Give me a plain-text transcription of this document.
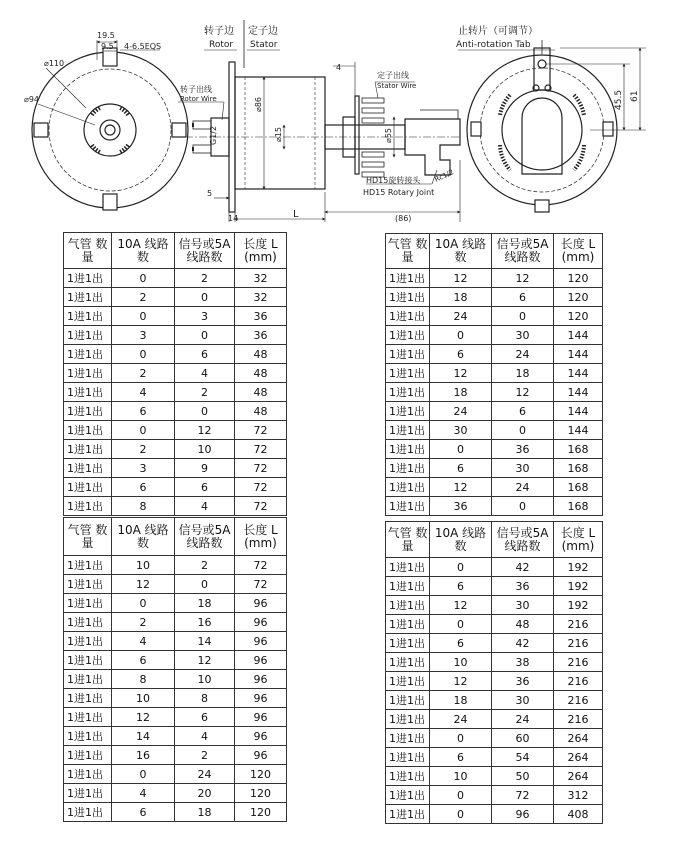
19.5
9.5 4-6.5EQS
⌀110
⌀94
转子边
Rotor
定子边
Stator
转子出线
Rotor Wire
定子出线
Stator Wire
HD15旋转接头
HD15 Rotary Joint
4
5
14	L	(86)
⌀86
⌀15	⌀55
G1/2
Rc1/2
止转片（可调节）
Anti-rotation Tab
45.5 61
气管 数量	10A 线路数	信号或5A 线路数	长度 L (mm)
1进1出	0	2	32
1进1出	2	0	32
1进1出	0	3	36
1进1出	3	0	36
1进1出	0	6	48
1进1出	2	4	48
1进1出	4	2	48
1进1出	6	0	48
1进1出	0	12	72
1进1出	2	10	72
1进1出	3	9	72
1进1出	6	6	72
1进1出	8	4	72
气管 数量	10A 线路数	信号或5A 线路数	长度 L (mm)
1进1出	12	12	120
1进1出	18	6	120
1进1出	24	0	120
1进1出	0	30	144
1进1出	6	24	144
1进1出	12	18	144
1进1出	18	12	144
1进1出	24	6	144
1进1出	30	0	144
1进1出	0	36	168
1进1出	6	30	168
1进1出	12	24	168
1进1出	36	0	168
气管 数量	10A 线路数	信号或5A 线路数	长度 L (mm)
1进1出	10	2	72
1进1出	12	0	72
1进1出	0	18	96
1进1出	2	16	96
1进1出	4	14	96
1进1出	6	12	96
1进1出	8	10	96
1进1出	10	8	96
1进1出	12	6	96
1进1出	14	4	96
1进1出	16	2	96
1进1出	0	24	120
1进1出	4	20	120
1进1出	6	18	120
气管 数量	10A 线路数	信号或5A 线路数	长度 L (mm)
1进1出	0	42	192
1进1出	6	36	192
1进1出	12	30	192
1进1出	0	48	216
1进1出	6	42	216
1进1出	10	38	216
1进1出	12	36	216
1进1出	18	30	216
1进1出	24	24	216
1进1出	0	60	264
1进1出	6	54	264
1进1出	10	50	264
1进1出	0	72	312
1进1出	0	96	408
